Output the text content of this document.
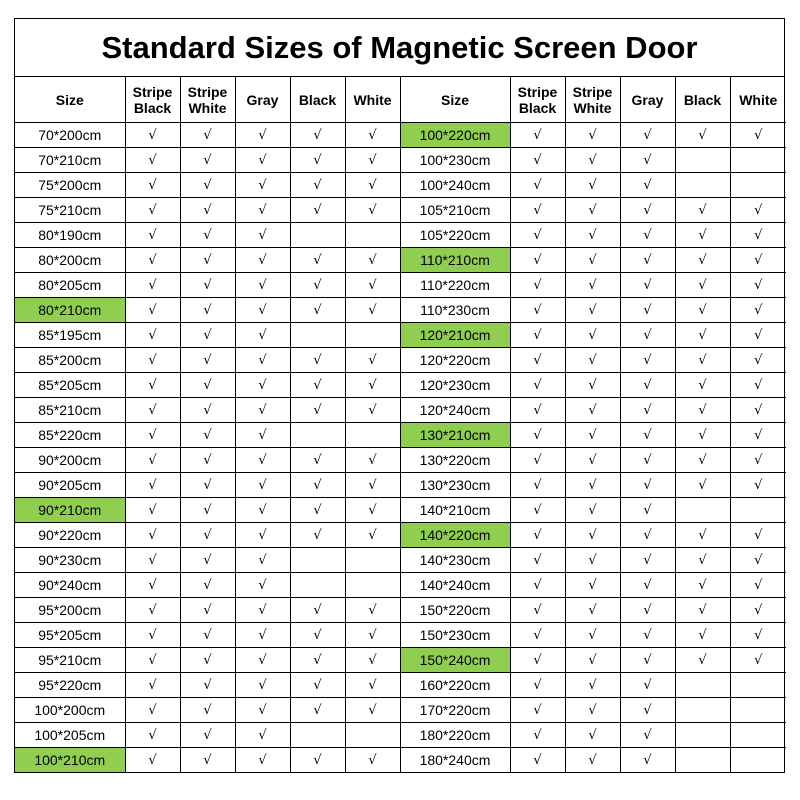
Standard Sizes of Magnetic Screen Door
Size	Stripe Black	Stripe White	Gray	Black	White	Size	Stripe Black	Stripe White	Gray	Black	White
70*200cm	√	√	√	√	√	100*220cm	√	√	√	√	√
70*210cm	√	√	√	√	√	100*230cm	√	√	√		
75*200cm	√	√	√	√	√	100*240cm	√	√	√		
75*210cm	√	√	√	√	√	105*210cm	√	√	√	√	√
80*190cm	√	√	√			105*220cm	√	√	√	√	√
80*200cm	√	√	√	√	√	110*210cm	√	√	√	√	√
80*205cm	√	√	√	√	√	110*220cm	√	√	√	√	√
80*210cm	√	√	√	√	√	110*230cm	√	√	√	√	√
85*195cm	√	√	√			120*210cm	√	√	√	√	√
85*200cm	√	√	√	√	√	120*220cm	√	√	√	√	√
85*205cm	√	√	√	√	√	120*230cm	√	√	√	√	√
85*210cm	√	√	√	√	√	120*240cm	√	√	√	√	√
85*220cm	√	√	√			130*210cm	√	√	√	√	√
90*200cm	√	√	√	√	√	130*220cm	√	√	√	√	√
90*205cm	√	√	√	√	√	130*230cm	√	√	√	√	√
90*210cm	√	√	√	√	√	140*210cm	√	√	√		
90*220cm	√	√	√	√	√	140*220cm	√	√	√	√	√
90*230cm	√	√	√			140*230cm	√	√	√	√	√
90*240cm	√	√	√			140*240cm	√	√	√	√	√
95*200cm	√	√	√	√	√	150*220cm	√	√	√	√	√
95*205cm	√	√	√	√	√	150*230cm	√	√	√	√	√
95*210cm	√	√	√	√	√	150*240cm	√	√	√	√	√
95*220cm	√	√	√	√	√	160*220cm	√	√	√		
100*200cm	√	√	√	√	√	170*220cm	√	√	√		
100*205cm	√	√	√			180*220cm	√	√	√		
100*210cm	√	√	√	√	√	180*240cm	√	√	√		
